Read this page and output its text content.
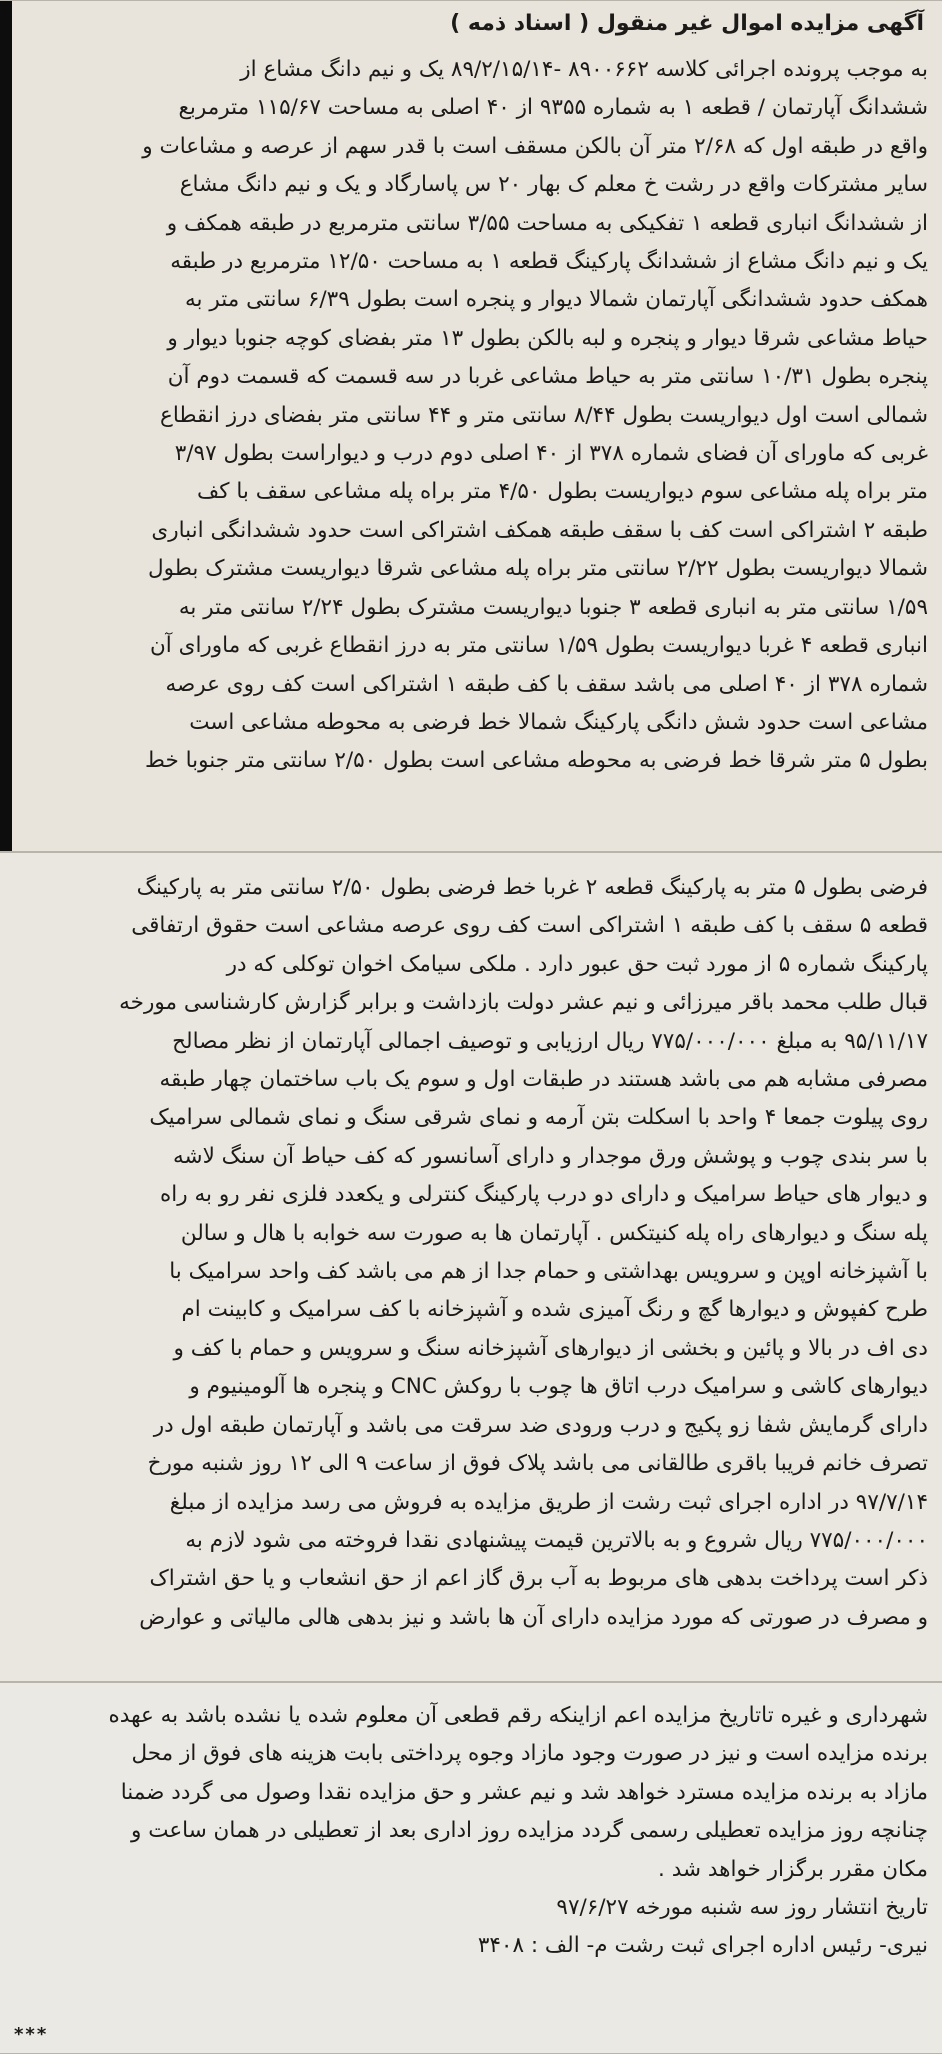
آگهی مزایده اموال غیر منقول ( اسناد ذمه )
به موجب پرونده اجرائی کلاسه ۸۹۰۰۶۶۲ -۸۹/۲/۱۵/۱۴ یک و نیم دانگ مشاع از
ششدانگ آپارتمان / قطعه ۱ به شماره ۹۳۵۵ از ۴۰ اصلی به مساحت ۱۱۵/۶۷ مترمربع
واقع در طبقه اول که ۲/۶۸ متر آن بالکن مسقف است با قدر سهم از عرصه و مشاعات و
سایر مشترکات واقع در رشت خ معلم ک بهار ۲۰ س پاسارگاد و یک و نیم دانگ مشاع
از ششدانگ انباری قطعه ۱ تفکیکی به مساحت ۳/۵۵ سانتی مترمربع در طبقه همکف و
یک و نیم دانگ مشاع از ششدانگ پارکینگ قطعه ۱ به مساحت ۱۲/۵۰ مترمربع در طبقه
همکف حدود ششدانگی آپارتمان شمالا دیوار و پنجره است بطول ۶/۳۹ سانتی متر به
حیاط مشاعی شرقا دیوار و پنجره و لبه بالکن بطول ۱۳ متر بفضای کوچه جنوبا دیوار و
پنجره بطول ۱۰/۳۱ سانتی متر به حیاط مشاعی غربا در سه قسمت که قسمت دوم آن
شمالی است اول دیواریست بطول ۸/۴۴ سانتی متر و ۴۴ سانتی متر بفضای درز انقطاع
غربی که ماورای آن فضای شماره ۳۷۸ از ۴۰ اصلی دوم درب و دیواراست بطول ۳/۹۷
متر براه پله مشاعی سوم دیواریست بطول ۴/۵۰ متر براه پله مشاعی سقف با کف
طبقه ۲ اشتراکی است کف با سقف طبقه همکف اشتراکی است حدود ششدانگی انباری
شمالا دیواریست بطول ۲/۲۲ سانتی متر براه پله مشاعی شرقا دیواریست مشترک بطول
۱/۵۹ سانتی متر به انباری قطعه ۳ جنوبا دیواریست مشترک بطول ۲/۲۴ سانتی متر به
انباری قطعه ۴ غربا دیواریست بطول ۱/۵۹ سانتی متر به درز انقطاع غربی که ماورای آن
شماره ۳۷۸ از ۴۰ اصلی می باشد سقف با کف طبقه ۱ اشتراکی است کف روی عرصه
مشاعی است حدود شش دانگی پارکینگ شمالا خط فرضی به محوطه مشاعی است
بطول ۵ متر شرقا خط فرضی به محوطه مشاعی است بطول ۲/۵۰ سانتی متر جنوبا خط
فرضی بطول ۵ متر به پارکینگ قطعه ۲ غربا خط فرضی بطول ۲/۵۰ سانتی متر به پارکینگ
قطعه ۵ سقف با کف طبقه ۱ اشتراکی است کف روی عرصه مشاعی است حقوق ارتفاقی
پارکینگ شماره ۵ از مورد ثبت حق عبور دارد . ملکی سیامک اخوان توکلی که در
قبال طلب محمد باقر میرزائی و نیم عشر دولت بازداشت و برابر گزارش کارشناسی مورخه
۹۵/۱۱/۱۷ به مبلغ ۷۷۵/۰۰۰/۰۰۰ ریال ارزیابی و توصیف اجمالی آپارتمان از نظر مصالح
مصرفی مشابه هم می باشد هستند در طبقات اول و سوم یک باب ساختمان چهار طبقه
روی پیلوت جمعا ۴ واحد با اسکلت بتن آرمه و نمای شرقی سنگ و نمای شمالی سرامیک
با سر بندی چوب و پوشش ورق موجدار و دارای آسانسور که کف حیاط آن سنگ لاشه
و دیوار های حیاط سرامیک و دارای دو درب پارکینگ کنترلی و یکعدد فلزی نفر رو به راه
پله سنگ و دیوارهای راه پله کنیتکس . آپارتمان ها به صورت سه خوابه با هال و سالن
با آشپزخانه اوپن و سرویس بهداشتی و حمام جدا از هم می باشد کف واحد سرامیک با
طرح کفپوش و دیوارها گچ و رنگ آمیزی شده و آشپزخانه با کف سرامیک و کابینت ام
دی اف در بالا و پائین و بخشی از دیوارهای آشپزخانه سنگ و سرویس و حمام با کف و
دیوارهای کاشی و سرامیک درب اتاق ها چوب با روکش CNC و پنجره ها آلومینیوم و
دارای گرمایش شفا زو پکیج و درب ورودی ضد سرقت می باشد و آپارتمان طبقه اول در
تصرف خانم فریبا باقری طالقانی می باشد پلاک فوق از ساعت ۹ الی ۱۲ روز شنبه مورخ
۹۷/۷/۱۴ در اداره اجرای ثبت رشت از طریق مزایده به فروش می رسد مزایده از مبلغ
۷۷۵/۰۰۰/۰۰۰ ریال شروع و به بالاترین قیمت پیشنهادی نقدا فروخته می شود لازم به
ذکر است پرداخت بدهی های مربوط به آب برق گاز اعم از حق انشعاب و یا حق اشتراک
و مصرف در صورتی که مورد مزایده دارای آن ها باشد و نیز بدهی هالی مالیاتی و عوارض
شهرداری و غیره تاتاریخ مزایده اعم ازاینکه رقم قطعی آن معلوم شده یا نشده باشد به عهده
برنده مزایده است و نیز در صورت وجود مازاد وجوه پرداختی بابت هزینه های فوق از محل
مازاد به برنده مزایده مسترد خواهد شد و نیم عشر و حق مزایده نقدا وصول می گردد ضمنا
چنانچه روز مزایده تعطیلی رسمی گردد مزایده روز اداری بعد از تعطیلی در همان ساعت و
مکان مقرر برگزار خواهد شد .
تاریخ انتشار روز سه شنبه مورخه ۹۷/۶/۲۷
نیری- رئیس اداره اجرای ثبت رشت م- الف : ۳۴۰۸
***
